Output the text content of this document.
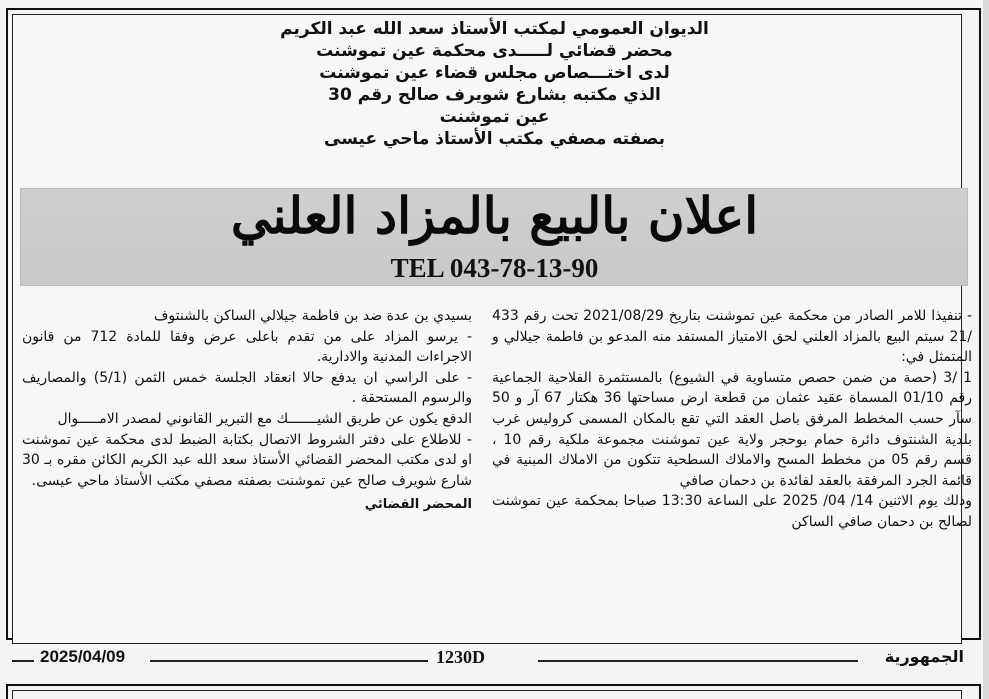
الديوان العمومي لمكتب الأستاذ سعد الله عبد الكريم
محضر قضائي لـــــدى محكمة عين تموشنت
لدى اختـــصاص مجلس قضاء عين تموشنت
الذي مكتبه بشارع شويرف صالح رقم 30
عين تموشنت
بصفته مصفي مكتب الأستاذ ماحي عيسى
اعلان بالبيع بالمزاد العلني
TEL 043-78-13-90

- تنفيذا للامر الصادر من محكمة عين تموشنت بتاريخ 2021/08/29 تحت رقم 433 /21 سيتم البيع بالمزاد العلني لحق الامتياز المستفد منه المدعو بن فاطمة جيلالي و المتمثل في:

1 /3 (حصة من ضمن حصص متساوية في الشيوع) بالمستثمرة الفلاحية الجماعية رقم 01/10 المسماة عقيد عثمان من قطعة ارض مساحتها 36 هكتار 67 آر و 50 سآر حسب المخطط المرفق باصل العقد التي تقع بالمكان المسمى كروليس غرب بلدية الشنتوف دائرة حمام بوحجر ولاية عين تموشنت مجموعة ملكية رقم 10 ، قسم رقم 05 من مخطط المسح والاملاك السطحية تتكون من الاملاك المبنية في قائمة الجرد المرفقة بالعقد لفائدة بن دحمان صافي

وذلك يوم الاثنين 14/ 04/ 2025 على الساعة 13:30 صباحا بمحكمة عين تموشنت لصالح بن دحمان صافي الساكن

بسيدي بن عدة ضد بن فاطمة جيلالي الساكن بالشنتوف

- يرسو المزاد على من تقدم باعلى عرض وفقا للمادة 712 من قانون الاجراءات المدنية والادارية.

- على الراسي ان يدفع حالا انعقاد الجلسة خمس الثمن (5/1) والمصاريف والرسوم المستحقة .

الدفع يكون عن طريق الشيـــــــك مع التبرير القانوني لمصدر الامـــــوال

- للاطلاع على دفتر الشروط الاتصال بكتابة الضبط لدى محكمة عين تموشنت او لدى مكتب المحضر القضائي الأستاذ سعد الله عبد الكريم الكائن مقره بـ 30 شارع شويرف صالح عين تموشنت بصفته مصفي مكتب الأستاذ ماحي عيسى.

المحضر القضائي

2025/04/09	1230D	الجمهورية
